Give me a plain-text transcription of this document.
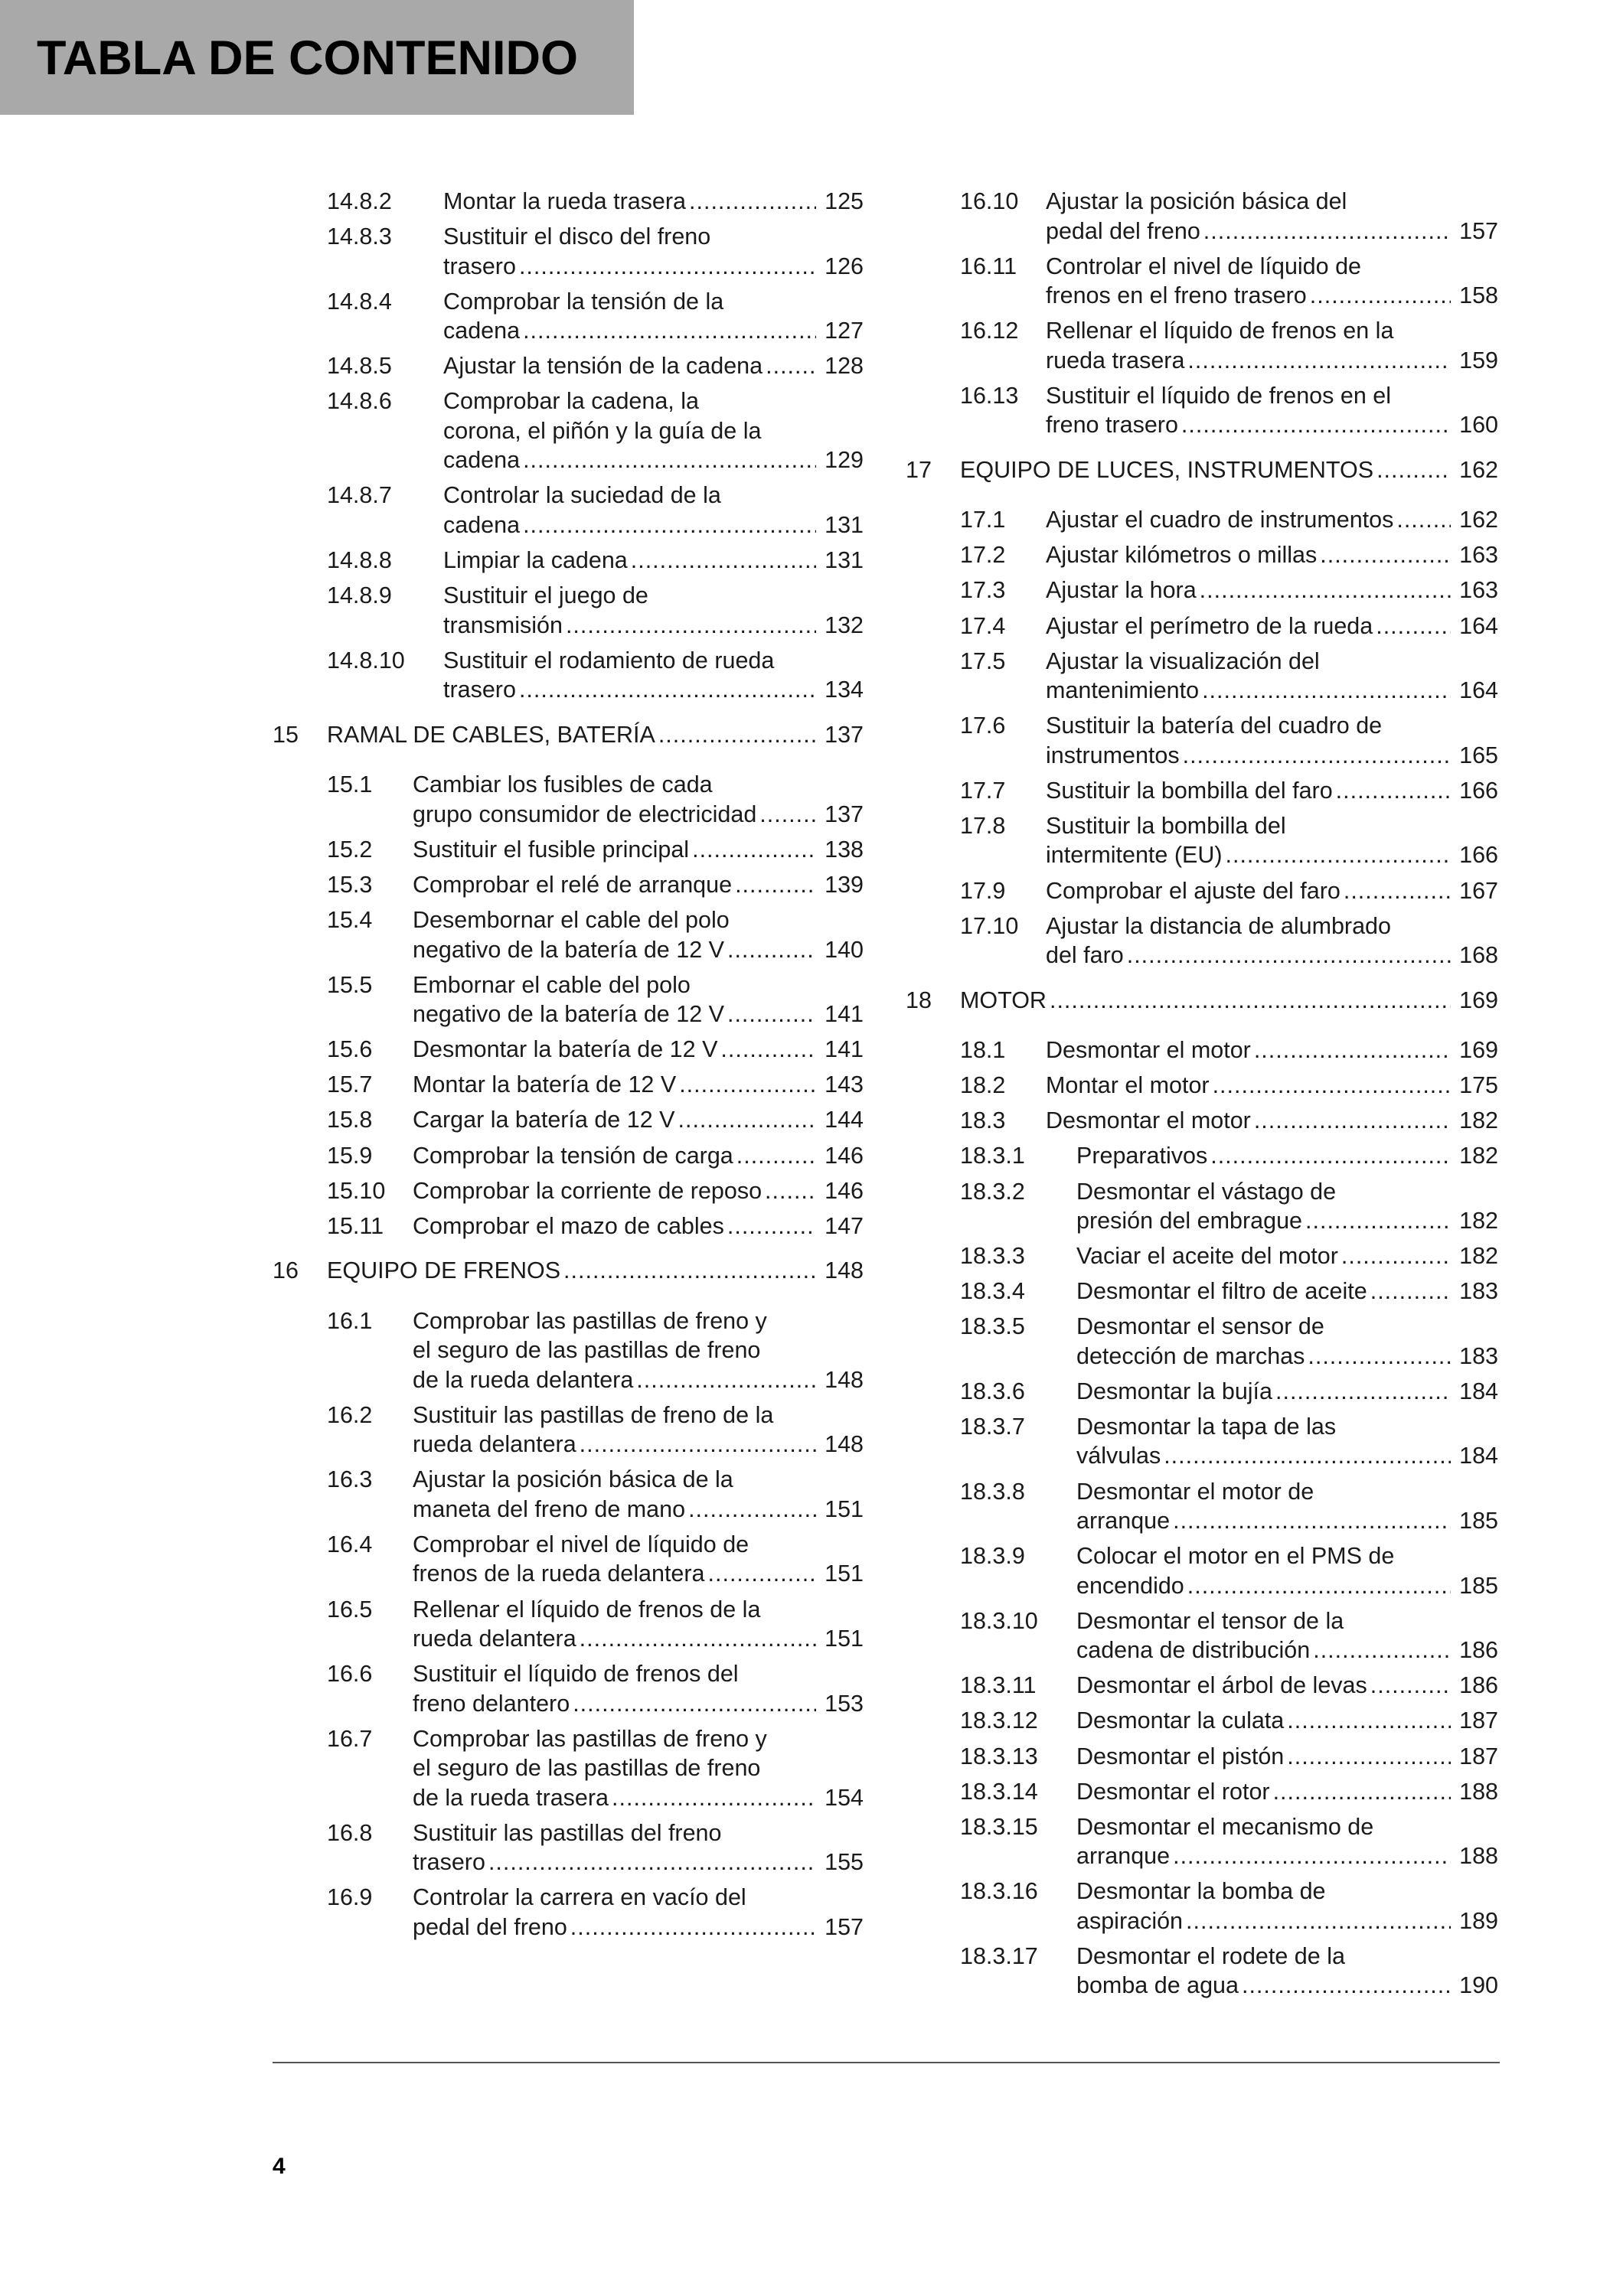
TABLA DE CONTENIDO
14.8.2 Montar la rueda trasera .....	125
14.8.3 Sustituir el disco del freno
trasero .....	126
14.8.4 Comprobar la tensión de la
cadena .....	127
14.8.5 Ajustar la tensión de la cadena .....	128
14.8.6 Comprobar la cadena, la
corona, el piñón y la guía de la
cadena .....	129
14.8.7 Controlar la suciedad de la
cadena .....	131
14.8.8 Limpiar la cadena .....	131
14.8.9 Sustituir el juego de
transmisión .....	132
14.8.10 Sustituir el rodamiento de rueda
trasero .....	134
15 RAMAL DE CABLES, BATERÍA .....	137
15.1 Cambiar los fusibles de cada
grupo consumidor de electricidad .....	137
15.2 Sustituir el fusible principal .....	138
15.3 Comprobar el relé de arranque .....	139
15.4 Desembornar el cable del polo
negativo de la batería de 12 V .....	140
15.5 Embornar el cable del polo
negativo de la batería de 12 V .....	141
15.6 Desmontar la batería de 12 V .....	141
15.7 Montar la batería de 12 V .....	143
15.8 Cargar la batería de 12 V .....	144
15.9 Comprobar la tensión de carga .....	146
15.10 Comprobar la corriente de reposo .....	146
15.11 Comprobar el mazo de cables .....	147
16 EQUIPO DE FRENOS .....	148
16.1 Comprobar las pastillas de freno y
el seguro de las pastillas de freno
de la rueda delantera .....	148
16.2 Sustituir las pastillas de freno de la
rueda delantera .....	148
16.3 Ajustar la posición básica de la
maneta del freno de mano .....	151
16.4 Comprobar el nivel de líquido de
frenos de la rueda delantera .....	151
16.5 Rellenar el líquido de frenos de la
rueda delantera .....	151
16.6 Sustituir el líquido de frenos del
freno delantero .....	153
16.7 Comprobar las pastillas de freno y
el seguro de las pastillas de freno
de la rueda trasera .....	154
16.8 Sustituir las pastillas del freno
trasero .....	155
16.9 Controlar la carrera en vacío del
pedal del freno .....	157
16.10 Ajustar la posición básica del
pedal del freno .....	157
16.11 Controlar el nivel de líquido de
frenos en el freno trasero .....	158
16.12 Rellenar el líquido de frenos en la
rueda trasera .....	159
16.13 Sustituir el líquido de frenos en el
freno trasero .....	160
17 EQUIPO DE LUCES, INSTRUMENTOS .....	162
17.1 Ajustar el cuadro de instrumentos .....	162
17.2 Ajustar kilómetros o millas .....	163
17.3 Ajustar la hora .....	163
17.4 Ajustar el perímetro de la rueda .....	164
17.5 Ajustar la visualización del
mantenimiento .....	164
17.6 Sustituir la batería del cuadro de
instrumentos .....	165
17.7 Sustituir la bombilla del faro .....	166
17.8 Sustituir la bombilla del
intermitente (EU) .....	166
17.9 Comprobar el ajuste del faro .....	167
17.10 Ajustar la distancia de alumbrado
del faro .....	168
18 MOTOR .....	169
18.1 Desmontar el motor .....	169
18.2 Montar el motor .....	175
18.3 Desmontar el motor .....	182
18.3.1 Preparativos .....	182
18.3.2 Desmontar el vástago de
presión del embrague .....	182
18.3.3 Vaciar el aceite del motor .....	182
18.3.4 Desmontar el filtro de aceite .....	183
18.3.5 Desmontar el sensor de
detección de marchas .....	183
18.3.6 Desmontar la bujía .....	184
18.3.7 Desmontar la tapa de las
válvulas .....	184
18.3.8 Desmontar el motor de
arranque .....	185
18.3.9 Colocar el motor en el PMS de
encendido .....	185
18.3.10 Desmontar el tensor de la
cadena de distribución .....	186
18.3.11 Desmontar el árbol de levas .....	186
18.3.12 Desmontar la culata .....	187
18.3.13 Desmontar el pistón .....	187
18.3.14 Desmontar el rotor .....	188
18.3.15 Desmontar el mecanismo de
arranque .....	188
18.3.16 Desmontar la bomba de
aspiración .....	189
18.3.17 Desmontar el rodete de la
bomba de agua .....	190
4
